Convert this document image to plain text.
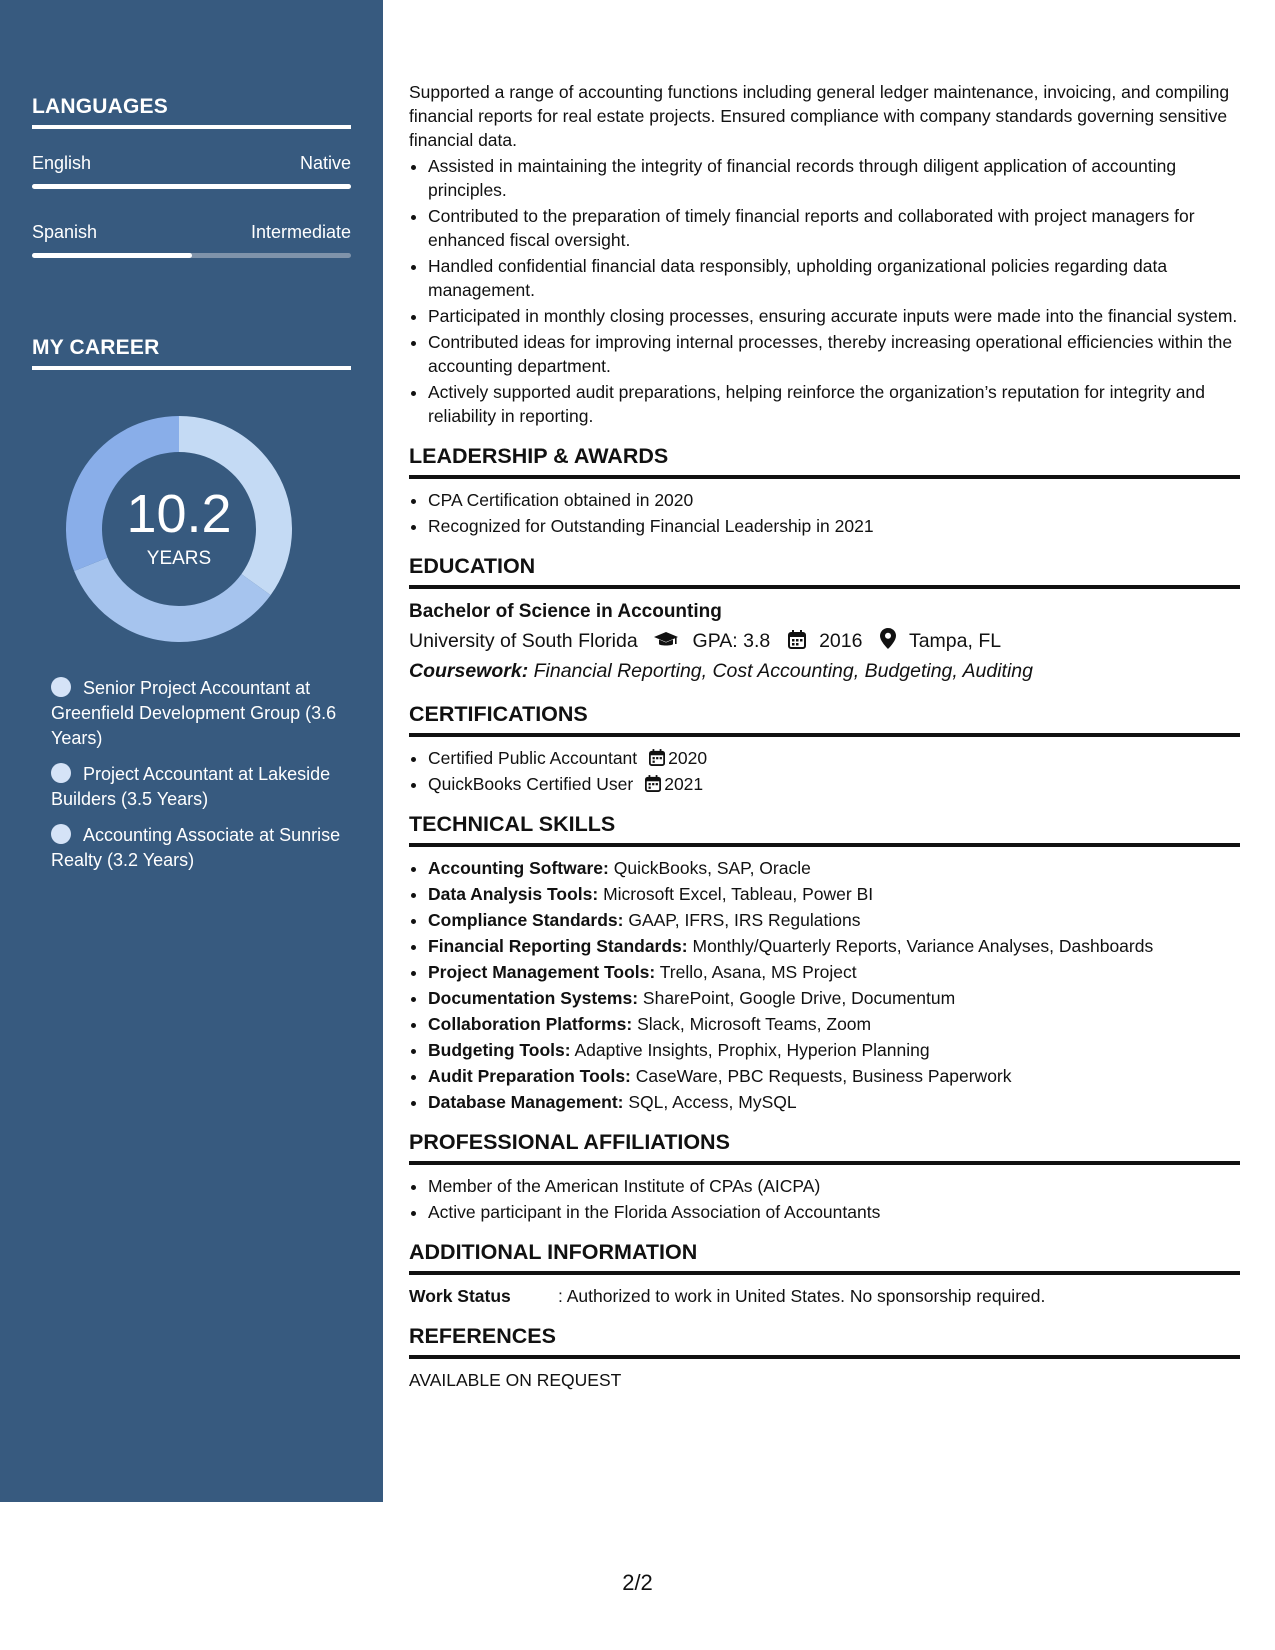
LANGUAGES
English	Native
Spanish	Intermediate
MY CAREER
10.2
YEARS
Senior Project Accountant at Greenfield Development Group (3.6 Years)
Project Accountant at Lakeside Builders (3.5 Years)
Accounting Associate at Sunrise Realty (3.2 Years)

Supported a range of accounting functions including general ledger maintenance, invoicing, and compiling financial reports for real estate projects. Ensured compliance with company standards governing sensitive financial data.

• Assisted in maintaining the integrity of financial records through diligent application of accounting principles.
• Contributed to the preparation of timely financial reports and collaborated with project managers for enhanced fiscal oversight.
• Handled confidential financial data responsibly, upholding organizational policies regarding data management.
• Participated in monthly closing processes, ensuring accurate inputs were made into the financial system.
• Contributed ideas for improving internal processes, thereby increasing operational efficiencies within the accounting department.
• Actively supported audit preparations, helping reinforce the organization’s reputation for integrity and reliability in reporting.
LEADERSHIP & AWARDS
• CPA Certification obtained in 2020
• Recognized for Outstanding Financial Leadership in 2021
EDUCATION
Bachelor of Science in Accounting
University of South Florida	GPA: 3.8	2016 Tampa, FL
Coursework: Financial Reporting, Cost Accounting, Budgeting, Auditing
CERTIFICATIONS
• Certified Public Accountant 2020
• QuickBooks Certified User 2021
TECHNICAL SKILLS
• Accounting Software: QuickBooks, SAP, Oracle
• Data Analysis Tools: Microsoft Excel, Tableau, Power BI
• Compliance Standards: GAAP, IFRS, IRS Regulations
• Financial Reporting Standards: Monthly/Quarterly Reports, Variance Analyses, Dashboards
• Project Management Tools: Trello, Asana, MS Project
• Documentation Systems: SharePoint, Google Drive, Documentum
• Collaboration Platforms: Slack, Microsoft Teams, Zoom
• Budgeting Tools: Adaptive Insights, Prophix, Hyperion Planning
• Audit Preparation Tools: CaseWare, PBC Requests, Business Paperwork
• Database Management: SQL, Access, MySQL
PROFESSIONAL AFFILIATIONS
• Member of the American Institute of CPAs (AICPA)
• Active participant in the Florida Association of Accountants
ADDITIONAL INFORMATION
Work Status	: Authorized to work in United States. No sponsorship required.
REFERENCES
AVAILABLE ON REQUEST
2/2
